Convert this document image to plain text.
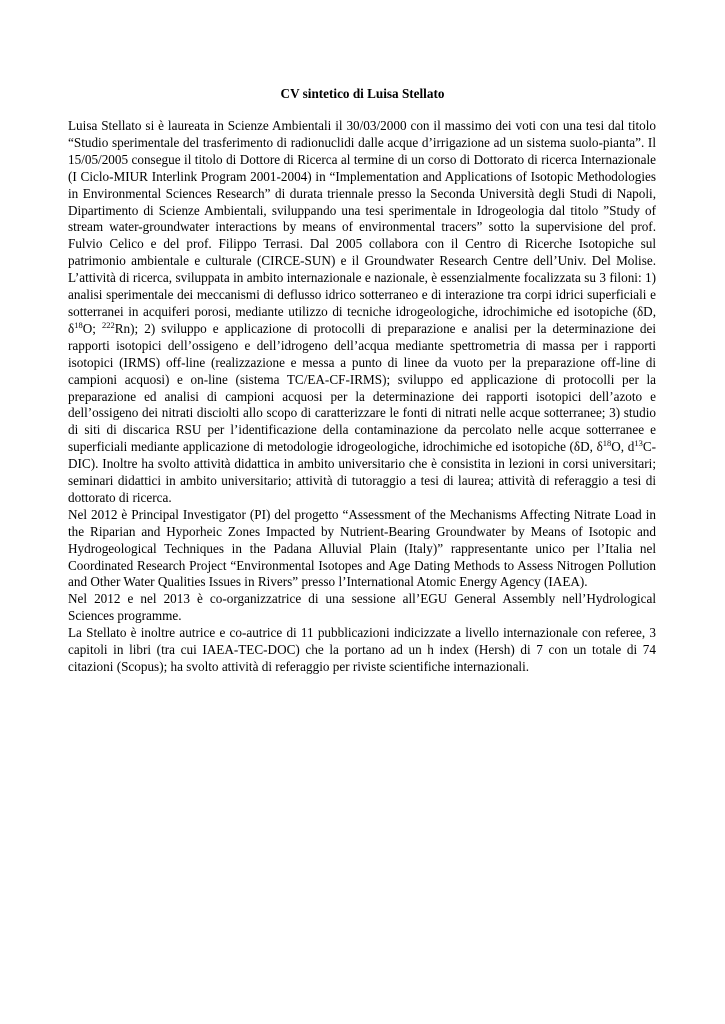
CV sintetico di Luisa Stellato

Luisa Stellato si è laureata in Scienze Ambientali il 30/03/2000 con il massimo dei voti con una tesi dal titolo “Studio sperimentale del trasferimento di radionuclidi dalle acque d’irrigazione ad un sistema suolo-pianta”. Il 15/05/2005 consegue il titolo di Dottore di Ricerca al termine di un corso di Dottorato di ricerca Internazionale (I Ciclo-MIUR Interlink Program 2001-2004) in “Implementation and Applications of Isotopic Methodologies in Environmental Sciences Research” di durata triennale presso la Seconda Università degli Studi di Napoli, Dipartimento di Scienze Ambientali, sviluppando una tesi sperimentale in Idrogeologia dal titolo ”Study of stream water-groundwater interactions by means of environmental tracers” sotto la supervisione del prof. Fulvio Celico e del prof. Filippo Terrasi. Dal 2005 collabora con il Centro di Ricerche Isotopiche sul patrimonio ambientale e culturale (CIRCE-SUN) e il Groundwater Research Centre dell’Univ. Del Molise. L’attività di ricerca, sviluppata in ambito internazionale e nazionale, è essenzialmente focalizzata su 3 filoni: 1) analisi sperimentale dei meccanismi di deflusso idrico sotterraneo e di interazione tra corpi idrici superficiali e sotterranei in acquiferi porosi, mediante utilizzo di tecniche idrogeologiche, idrochimiche ed isotopiche (δD, $\delta^{18}O$; $^{222}$Rn); 2) sviluppo e applicazione di protocolli di preparazione e analisi per la determinazione dei rapporti isotopici dell’ossigeno e dell’idrogeno dell’acqua mediante spettrometria di massa per i rapporti isotopici (IRMS) off-line (realizzazione e messa a punto di linee da vuoto per la preparazione off-line di campioni acquosi) e on-line (sistema TC/EA-CF-IRMS); sviluppo ed applicazione di protocolli per la preparazione ed analisi di campioni acquosi per la determinazione dei rapporti isotopici dell’azoto e dell’ossigeno dei nitrati disciolti allo scopo di caratterizzare le fonti di nitrati nelle acque sotterranee; 3) studio di siti di discarica RSU per l’identificazione della contaminazione da percolato nelle acque sotterranee e superficiali mediante applicazione di metodologie idrogeologiche, idrochimiche ed isotopiche (δD, $\delta^{18}O$, $d^{13}C-DIC$). Inoltre ha svolto attività didattica in ambito universitario che è consistita in lezioni in corsi universitari; seminari didattici in ambito universitario; attività di tutoraggio a tesi di laurea; attività di referaggio a tesi di dottorato di ricerca.

Nel 2012 è Principal Investigator (PI) del progetto “Assessment of the Mechanisms Affecting Nitrate Load in the Riparian and Hyporheic Zones Impacted by Nutrient-Bearing Groundwater by Means of Isotopic and Hydrogeological Techniques in the Padana Alluvial Plain (Italy)” rappresentante unico per l’Italia nel Coordinated Research Project “Environmental Isotopes and Age Dating Methods to Assess Nitrogen Pollution and Other Water Qualities Issues in Rivers” presso l’International Atomic Energy Agency (IAEA).

Nel 2012 e nel 2013 è co-organizzatrice di una sessione all’EGU General Assembly nell’Hydrological Sciences programme.

La Stellato è inoltre autrice e co-autrice di 11 pubblicazioni indicizzate a livello internazionale con referee, 3 capitoli in libri (tra cui IAEA-TEC-DOC) che la portano ad un h index (Hersh) di 7 con un totale di 74 citazioni (Scopus); ha svolto attività di referaggio per riviste scientifiche internazionali.
